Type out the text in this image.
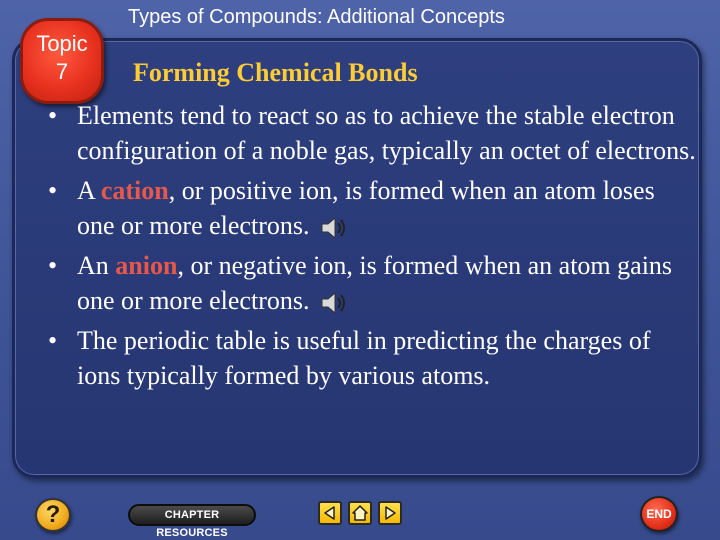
Topic
7
Types of Compounds: Additional Concepts
Forming Chemical Bonds
• Elements tend to react so as to achieve the stable electron configuration of a noble gas, typically an octet of electrons.
• A cation, or positive ion, is formed when an atom loses one or more electrons.
• An anion, or negative ion, is formed when an atom gains one or more electrons.
• The periodic table is useful in predicting the charges of ions typically formed by various atoms.
?	CHAPTER RESOURCES
END
